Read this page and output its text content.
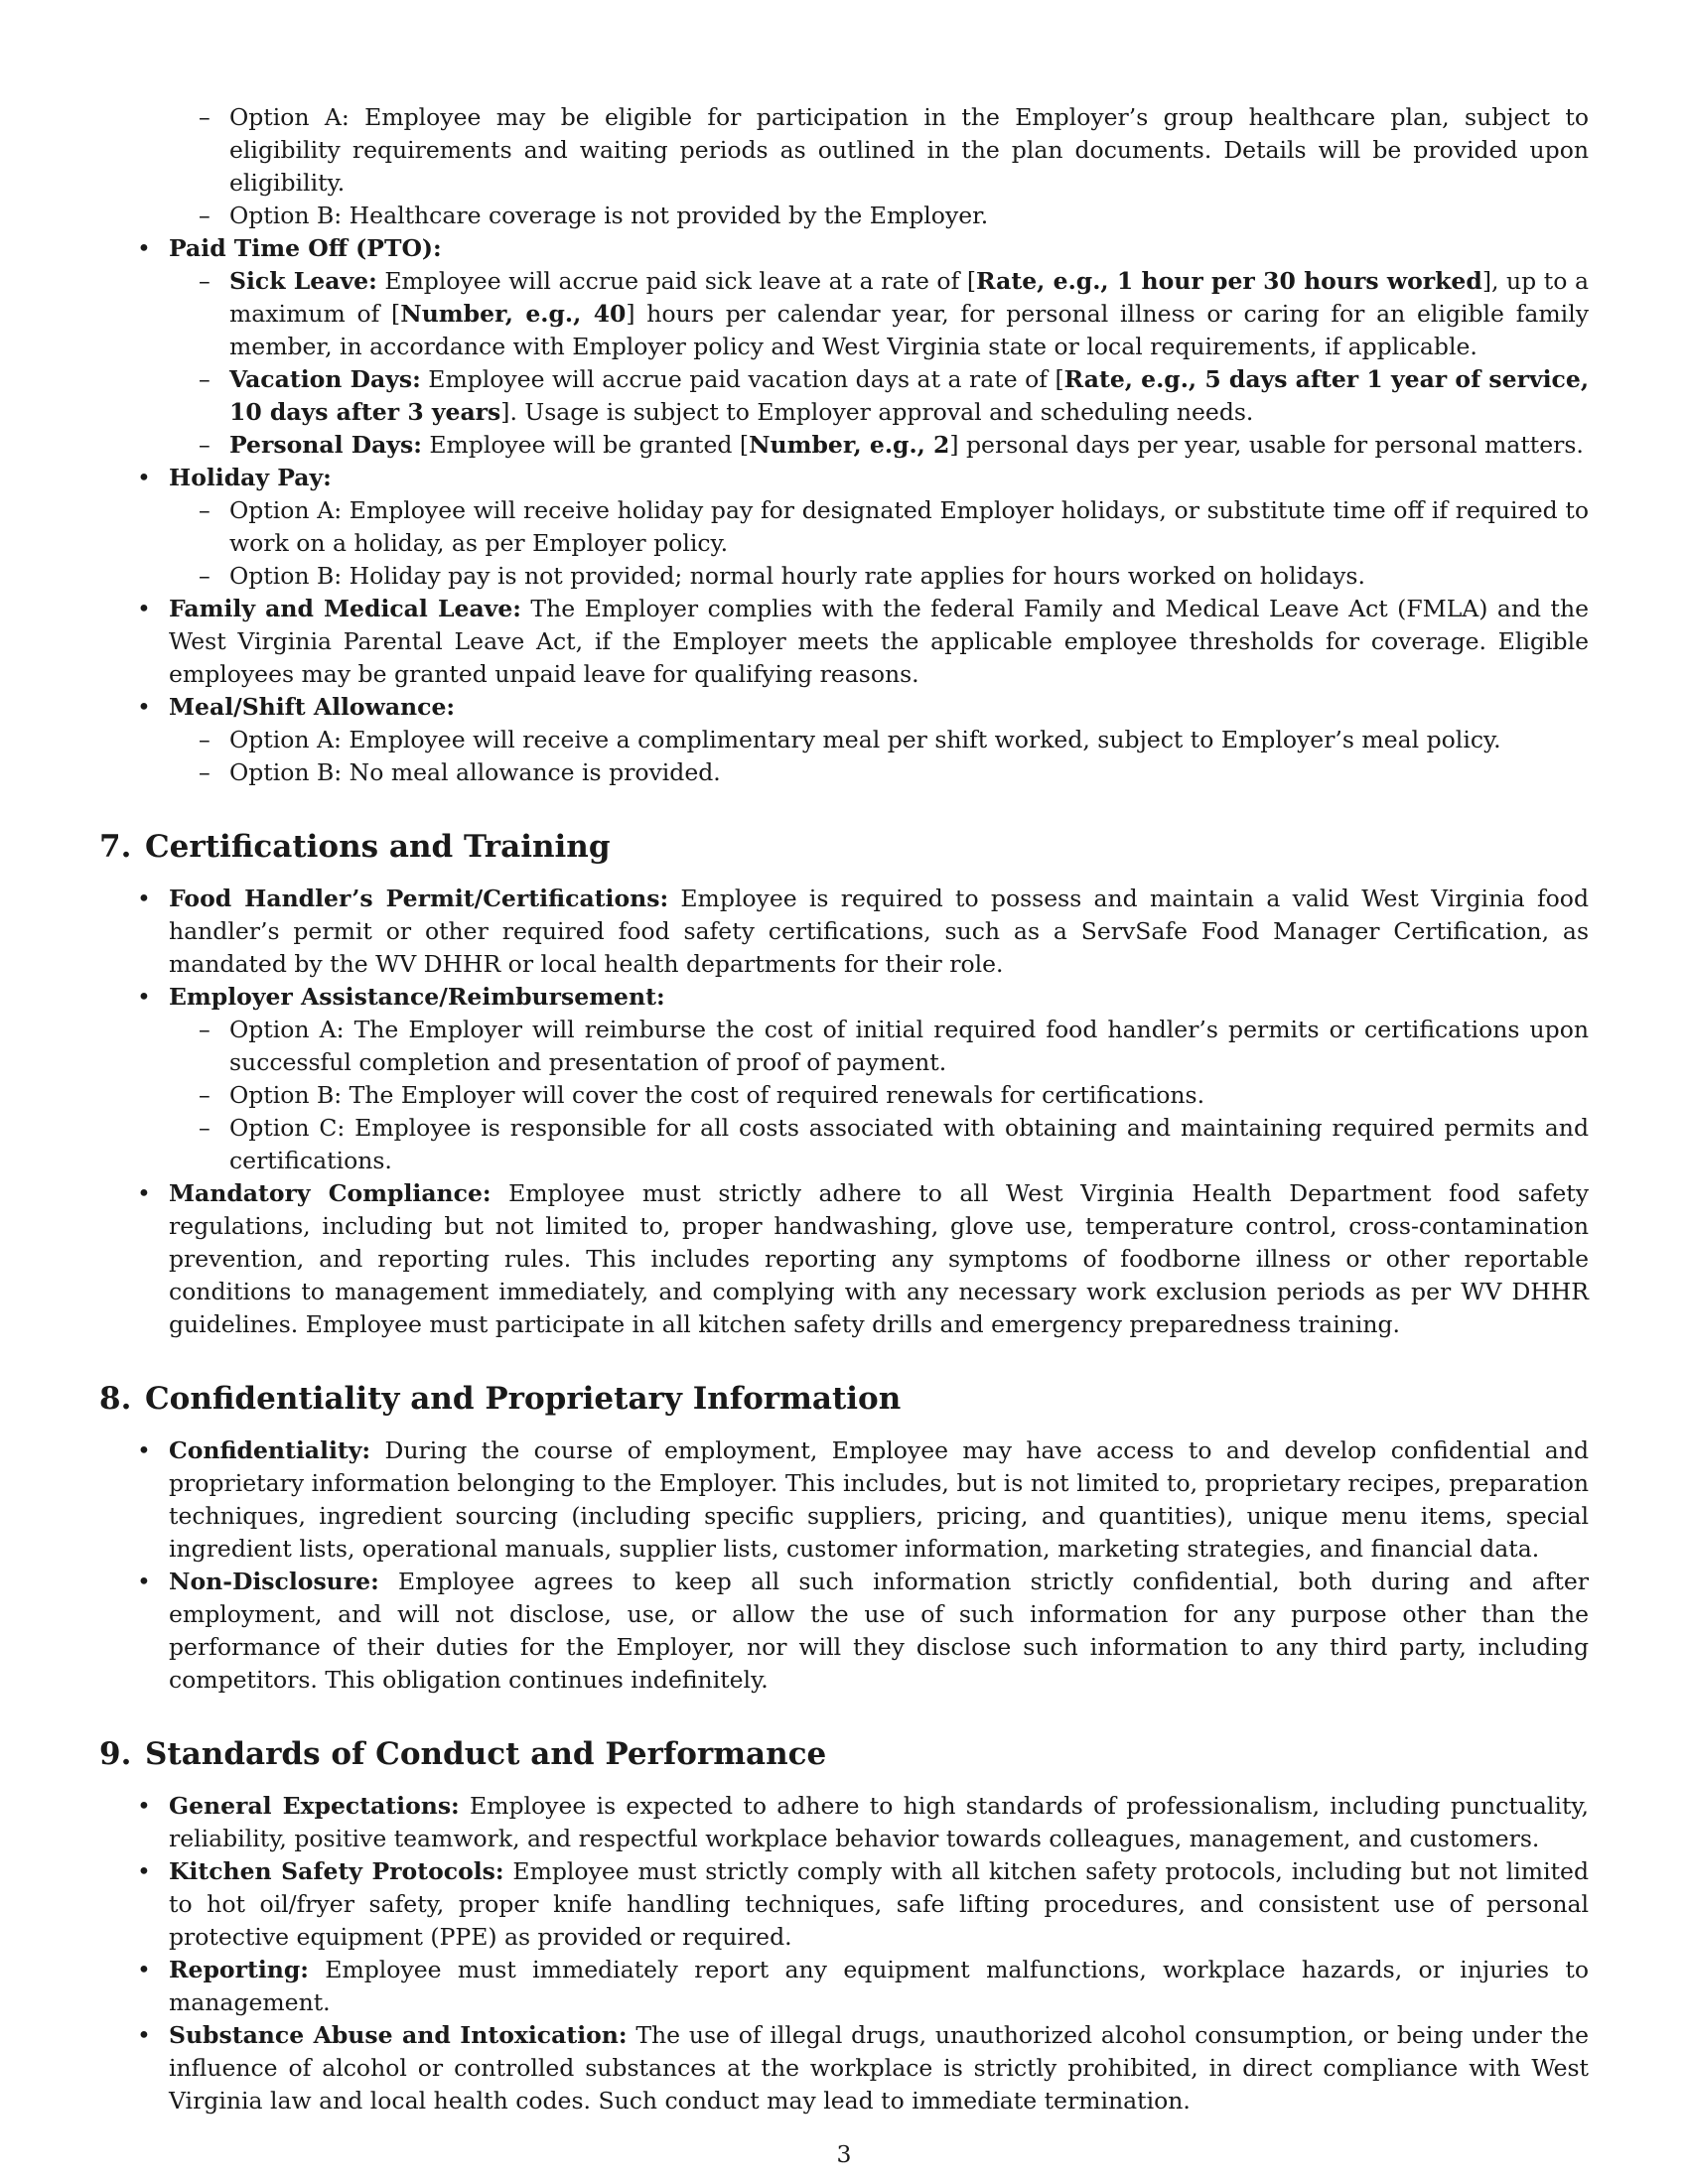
– Option A: Employee may be eligible for participation in the Employer’s group healthcare plan, subject to eligibility requirements and waiting periods as outlined in the plan documents. Details will be provided upon eligibility.
– Option B: Healthcare coverage is not provided by the Employer.
• Paid Time Off (PTO):
– Sick Leave: Employee will accrue paid sick leave at a rate of [Rate, e.g., 1 hour per 30 hours worked], up to a maximum of [Number, e.g., 40] hours per calendar year, for personal illness or caring for an eligible family member, in accordance with Employer policy and West Virginia state or local requirements, if applicable.
– Vacation Days: Employee will accrue paid vacation days at a rate of [Rate, e.g., 5 days after 1 year of service, 10 days after 3 years]. Usage is subject to Employer approval and scheduling needs.
– Personal Days: Employee will be granted [Number, e.g., 2] personal days per year, usable for personal matters.
• Holiday Pay:
– Option A: Employee will receive holiday pay for designated Employer holidays, or substitute time off if required to work on a holiday, as per Employer policy.
– Option B: Holiday pay is not provided; normal hourly rate applies for hours worked on holidays.
• Family and Medical Leave: The Employer complies with the federal Family and Medical Leave Act (FMLA) and the West Virginia Parental Leave Act, if the Employer meets the applicable employee thresholds for coverage. Eligible employees may be granted unpaid leave for qualifying reasons.
• Meal/Shift Allowance:
– Option A: Employee will receive a complimentary meal per shift worked, subject to Employer’s meal policy.
– Option B: No meal allowance is provided.
7. Certifications and Training
• Food Handler’s Permit/Certifications: Employee is required to possess and maintain a valid West Virginia food handler’s permit or other required food safety certifications, such as a ServSafe Food Manager Certification, as mandated by the WV DHHR or local health departments for their role.
• Employer Assistance/Reimbursement:
– Option A: The Employer will reimburse the cost of initial required food handler’s permits or certifications upon successful completion and presentation of proof of payment.
– Option B: The Employer will cover the cost of required renewals for certifications.
– Option C: Employee is responsible for all costs associated with obtaining and maintaining required permits and certifications.
• Mandatory Compliance: Employee must strictly adhere to all West Virginia Health Department food safety regulations, including but not limited to, proper handwashing, glove use, temperature control, cross-contamination prevention, and reporting rules. This includes reporting any symptoms of foodborne illness or other reportable conditions to management immediately, and complying with any necessary work exclusion periods as per WV DHHR guidelines. Employee must participate in all kitchen safety drills and emergency preparedness training.
8. Confidentiality and Proprietary Information
• Confidentiality: During the course of employment, Employee may have access to and develop confidential and proprietary information belonging to the Employer. This includes, but is not limited to, proprietary recipes, preparation techniques, ingredient sourcing (including specific suppliers, pricing, and quantities), unique menu items, special ingredient lists, operational manuals, supplier lists, customer information, marketing strategies, and financial data.
• Non-Disclosure: Employee agrees to keep all such information strictly confidential, both during and after employment, and will not disclose, use, or allow the use of such information for any purpose other than the performance of their duties for the Employer, nor will they disclose such information to any third party, including competitors. This obligation continues indefinitely.
9. Standards of Conduct and Performance
• General Expectations: Employee is expected to adhere to high standards of professionalism, including punctuality, reliability, positive teamwork, and respectful workplace behavior towards colleagues, management, and customers.
• Kitchen Safety Protocols: Employee must strictly comply with all kitchen safety protocols, including but not limited to hot oil/fryer safety, proper knife handling techniques, safe lifting procedures, and consistent use of personal protective equipment (PPE) as provided or required.
• Reporting: Employee must immediately report any equipment malfunctions, workplace hazards, or injuries to management.
• Substance Abuse and Intoxication: The use of illegal drugs, unauthorized alcohol consumption, or being under the influence of alcohol or controlled substances at the workplace is strictly prohibited, in direct compliance with West Virginia law and local health codes. Such conduct may lead to immediate termination.
3
